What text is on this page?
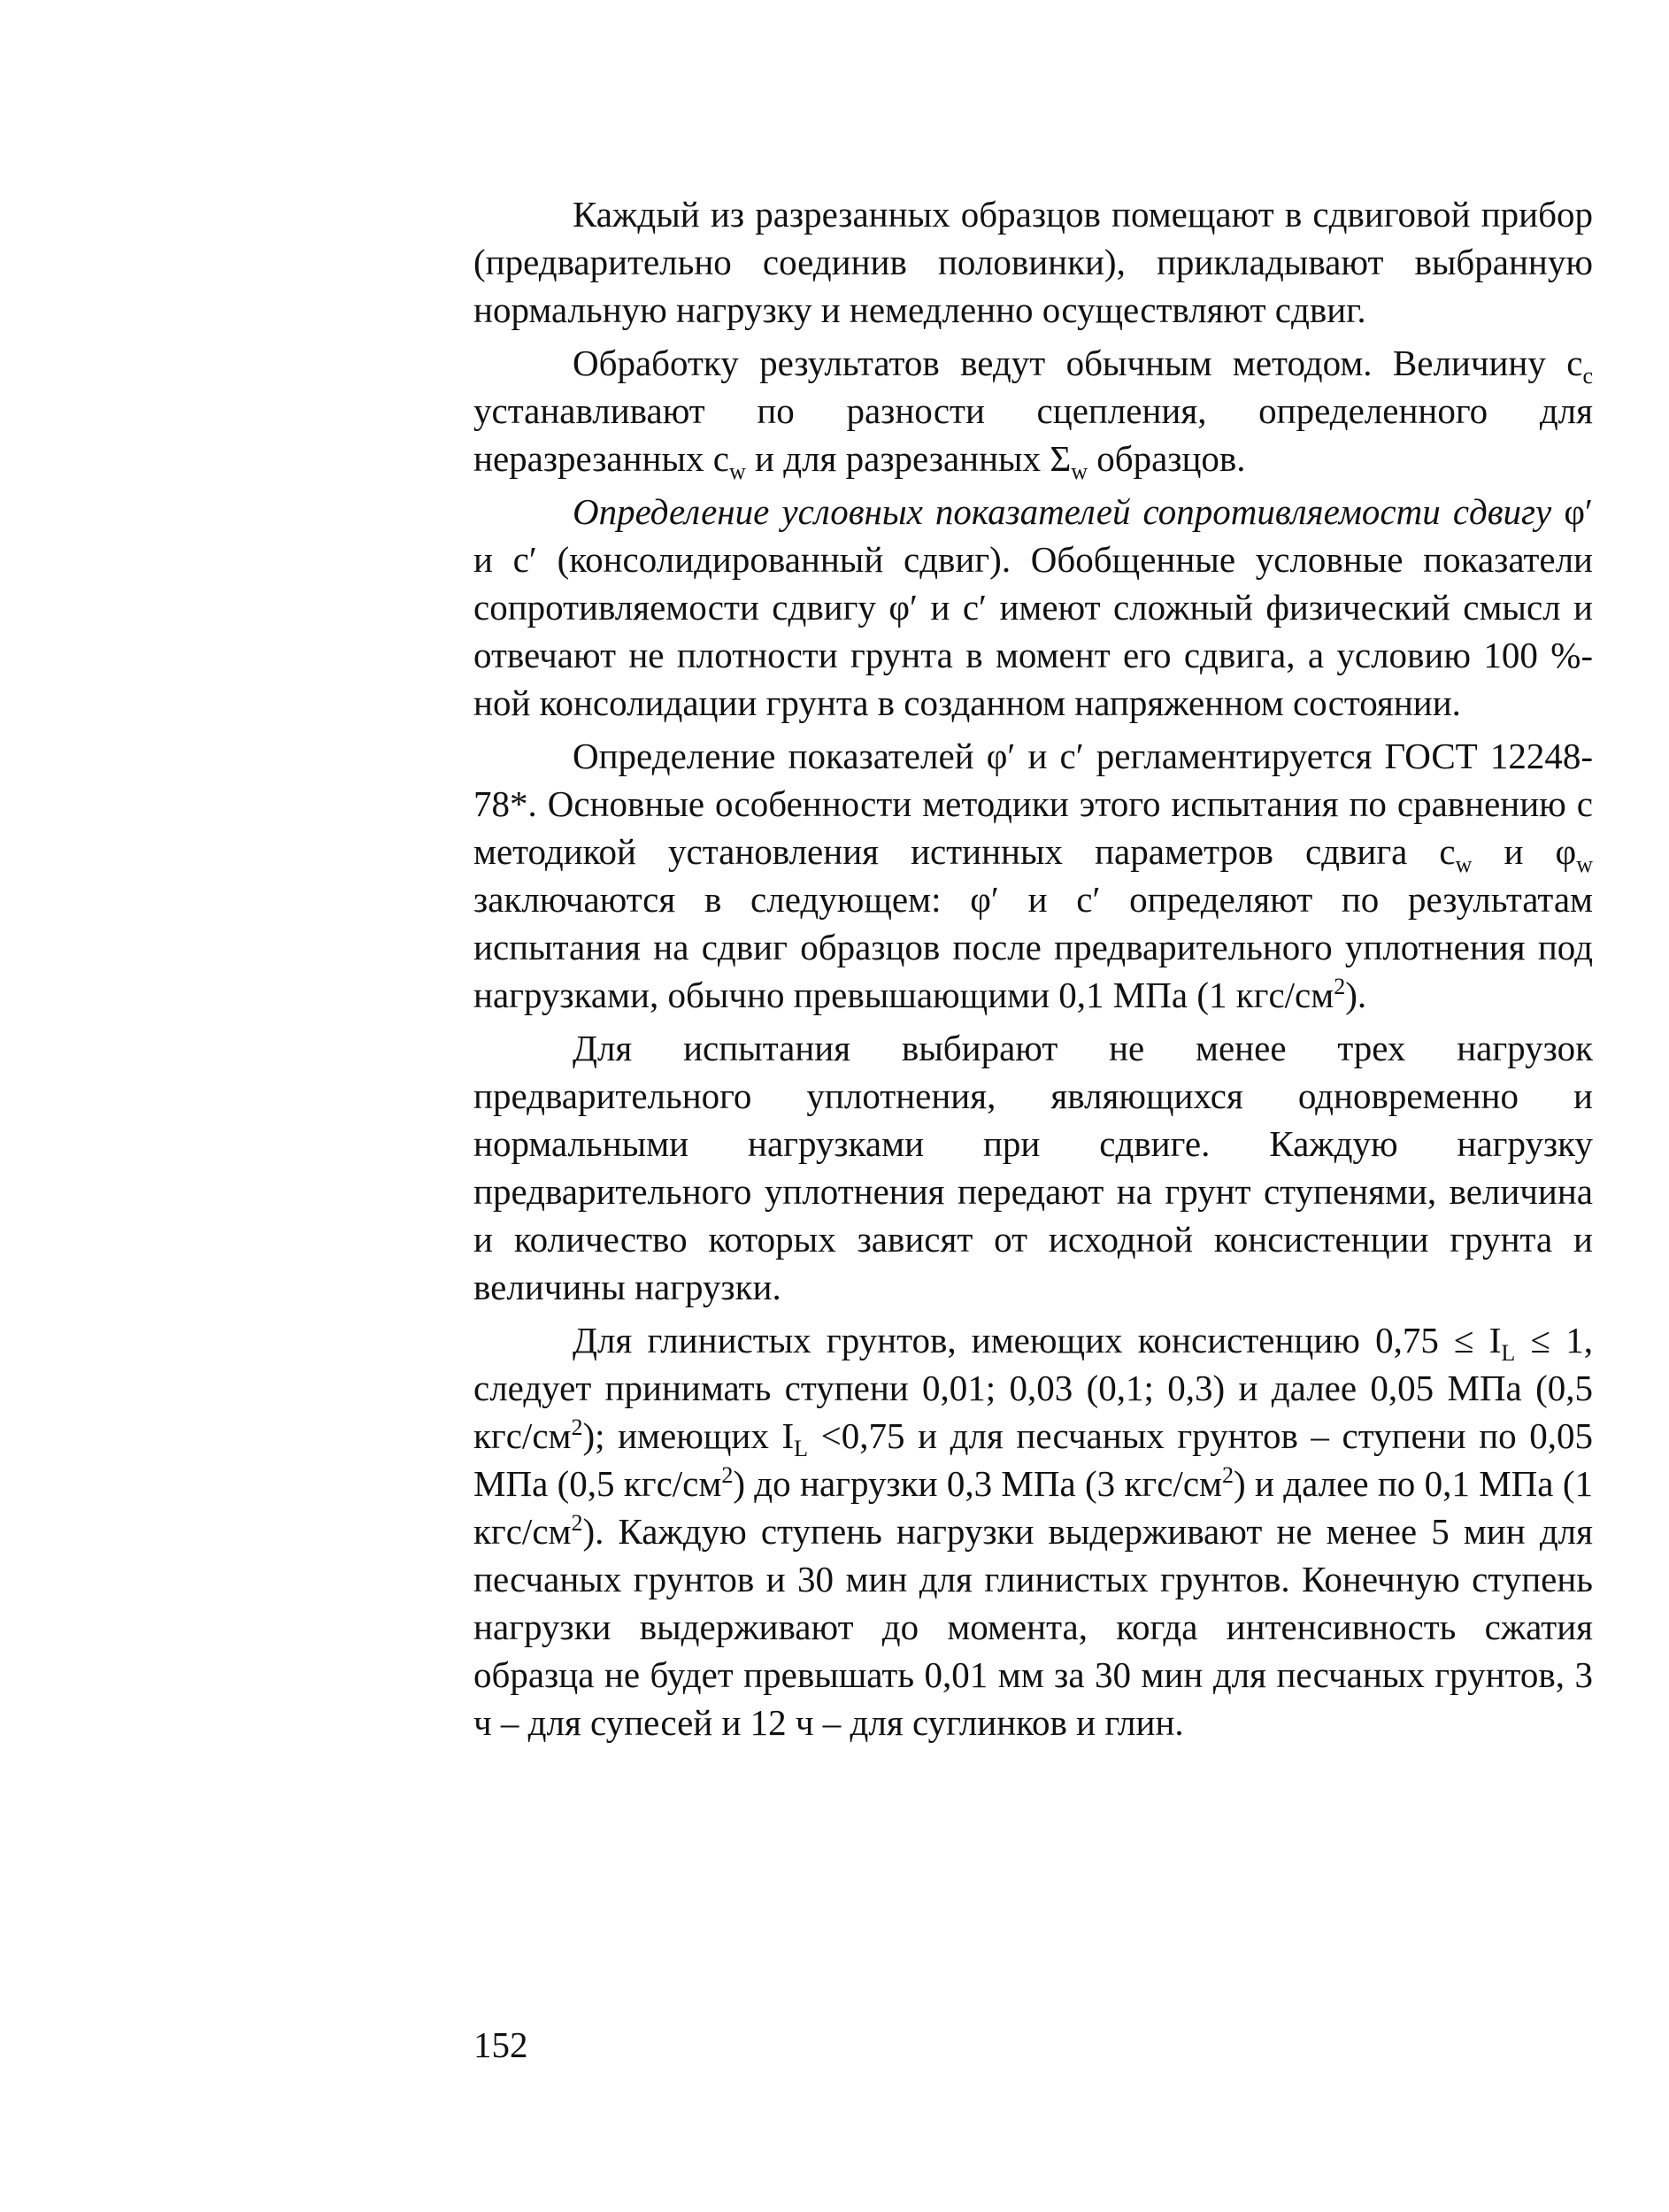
Каждый из разрезанных образцов помещают в сдвиговой прибор (предварительно соединив половинки), прикладывают выбранную нормальную нагрузку и немедленно осуществляют сдвиг.

Обработку результатов ведут обычным методом. Величину $c_c$ устанавливают по разности сцепления, определенного для неразрезанных $c_w$ и для разрезанных $\Sigma_w$ образцов.

Определение условных показателей сопротивляемости сдвигу φ′ и c′ (консолидированный сдвиг). Обобщенные условные показатели сопротивляемости сдвигу φ′ и c′ имеют сложный физический смысл и отвечают не плотности грунта в момент его сдвига, а условию 100 %-ной консолидации грунта в созданном напряженном состоянии.

Определение показателей φ′ и c′ регламентируется ГОСТ 12248-78*. Основные особенности методики этого испытания по сравнению с методикой установления истинных параметров сдвига $c_w$ и $\varphi_w$ заключаются в следующем: φ′ и c′ определяют по результатам испытания на сдвиг образцов после предварительного уплотнения под нагрузками, обычно превышающими 0,1 МПа (1 кгс/$см^2$).

Для испытания выбирают не менее трех нагрузок предварительного уплотнения, являющихся одновременно и нормальными нагрузками при сдвиге. Каждую нагрузку предварительного уплотнения передают на грунт ступенями, величина и количество которых зависят от исходной консистенции грунта и величины нагрузки.

Для глинистых грунтов, имеющих консистенцию $0,75 \le I_L \le 1$, следует принимать ступени 0,01; 0,03 (0,1; 0,3) и далее 0,05 МПа (0,5 кгс/$см^2$); имеющих $I_L <0,75$ и для песчаных грунтов – ступени по 0,05 МПа (0,5 кгс/$см^2$) до нагрузки 0,3 МПа (3 кгс/$см^2$) и далее по 0,1 МПа (1 кгс/$см^2$). Каждую ступень нагрузки выдерживают не менее 5 мин для песчаных грунтов и 30 мин для глинистых грунтов. Конечную ступень нагрузки выдерживают до момента, когда интенсивность сжатия образца не будет превышать 0,01 мм за 30 мин для песчаных грунтов, 3 ч – для супесей и 12 ч – для суглинков и глин.

152
